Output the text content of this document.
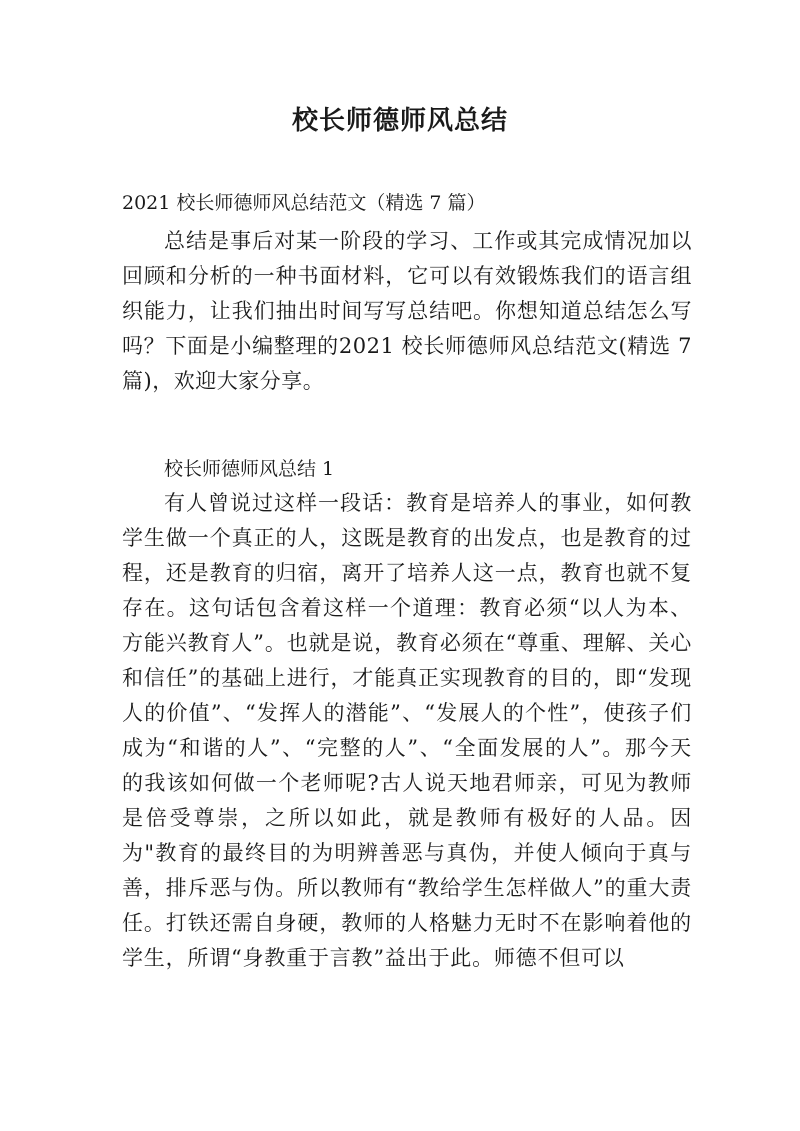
校长师德师风总结

2021 校长师德师风总结范文（精选 7 篇）

总结是事后对某一阶段的学习、工作或其完成情况加以回顾和分析的一种书面材料，它可以有效锻炼我们的语言组织能力，让我们抽出时间写写总结吧。你想知道总结怎么写吗？下面是小编整理的2021 校长师德师风总结范文(精选 7 篇)，欢迎大家分享。

校长师德师风总结 1

有人曾说过这样一段话：教育是培养人的事业，如何教学生做一个真正的人，这既是教育的出发点，也是教育的过程，还是教育的归宿，离开了培养人这一点，教育也就不复存在。这句话包含着这样一个道理：教育必须“以人为本、方能兴教育人”。也就是说，教育必须在“尊重、理解、关心和信任”的基础上进行，才能真正实现教育的目的，即“发现人的价值”、“发挥人的潜能”、“发展人的个性”，使孩子们成为“和谐的人”、“完整的人”、“全面发展的人”。那今天的我该如何做一个老师呢?古人说天地君师亲，可见为教师是倍受尊崇，之所以如此，就是教师有极好的人品。因为"教育的最终目的为明辨善恶与真伪，并使人倾向于真与善，排斥恶与伪。所以教师有“教给学生怎样做人”的重大责任。打铁还需自身硬，教师的人格魅力无时不在影响着他的学生，所谓“身教重于言教”益出于此。师德不但可以
